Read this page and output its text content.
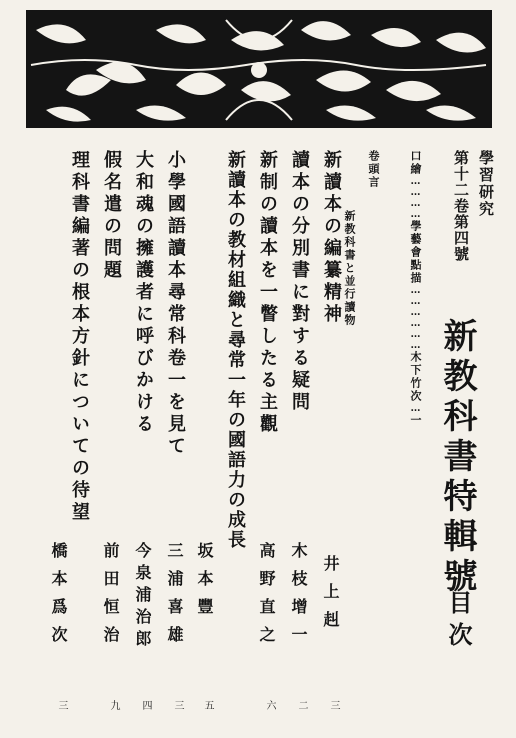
學習研究
第十二卷第四號
新教科書特輯號
目次
口繪…………學藝會點描………………木下竹次…一
卷頭言
新教科書と並行讀物
新讀本の編纂精神
井上赳
三
讀本の分別書に對する疑問
木枝增一
二
新制の讀本を一瞥したる主觀
高野直之
六
新讀本の教材組織と尋常一年の國語力の成長
坂本豐
五
小學國語讀本尋常科卷一を見て
三浦喜雄
三
大和魂の擁護者に呼びかける
今泉浦治郎
四
假名遣の問題
前田恒治
九
理科書編著の根本方針についての待望
橋本爲次
三
